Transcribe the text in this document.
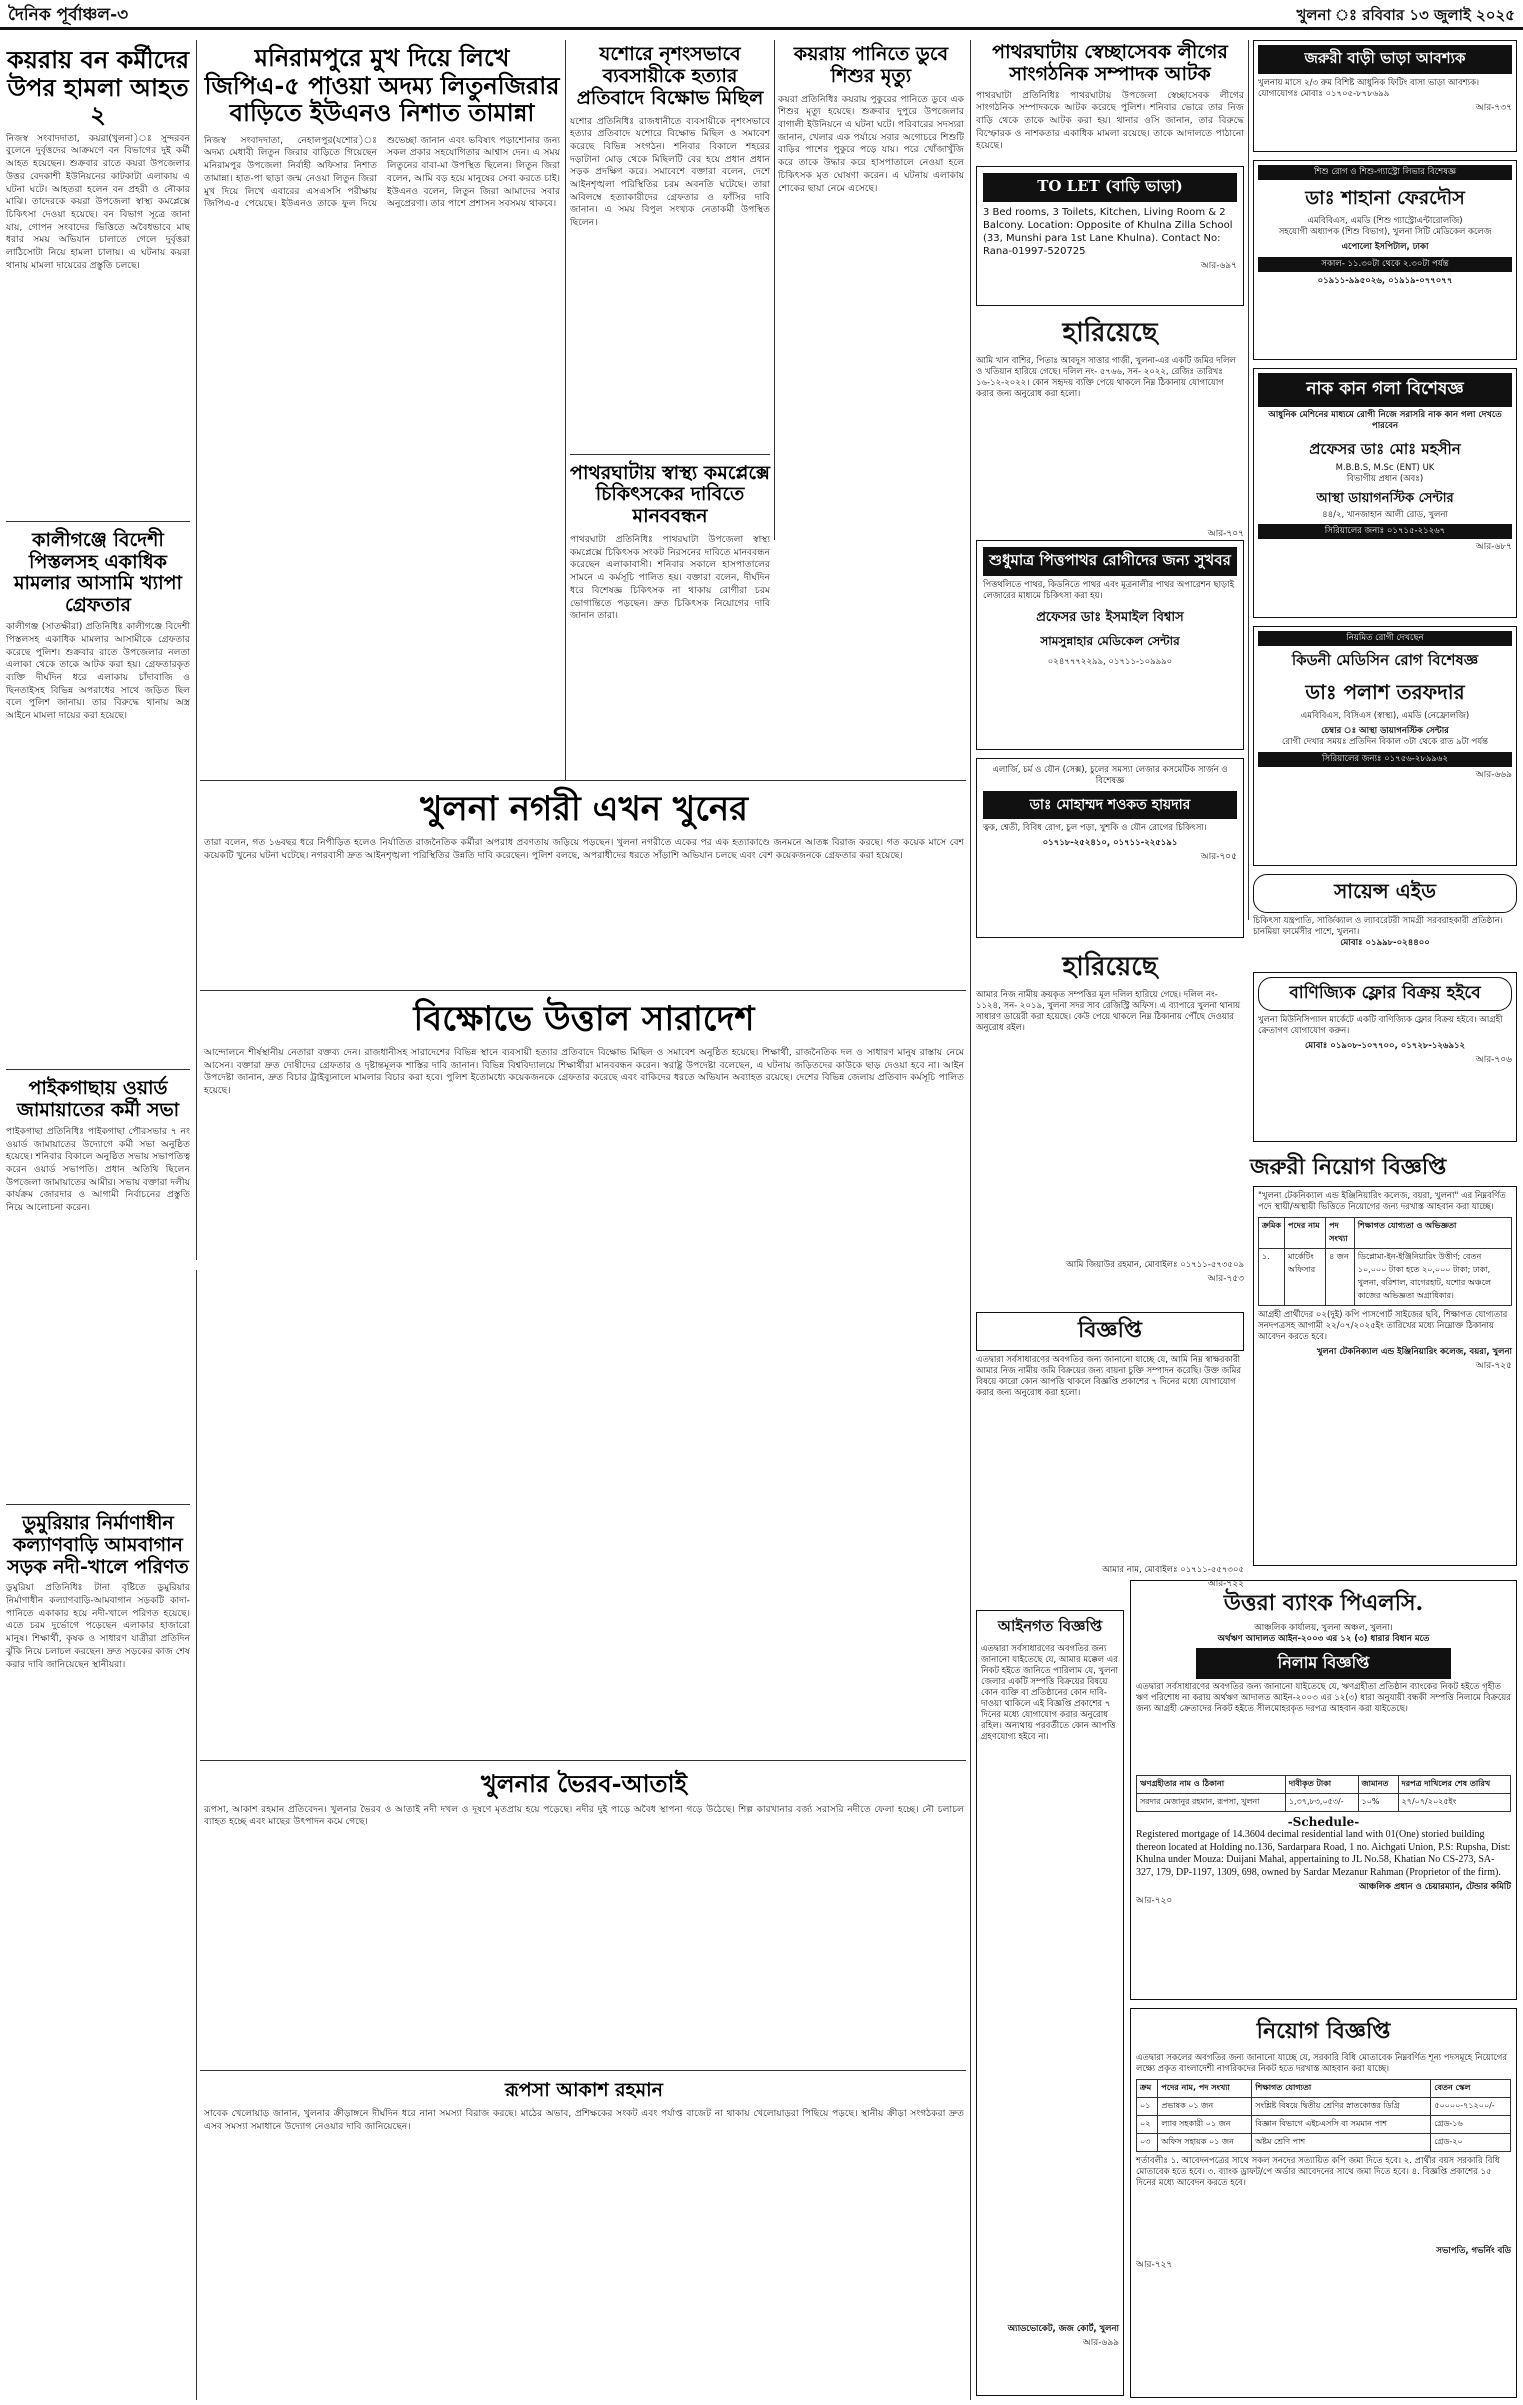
দৈনিক পূর্বাঞ্চল-৩	খুলনা ঃ রবিবার ১৩ জুলাই ২০২৫
কয়রায় বন কর্মীদের উপর হামলা আহত ২
নিজস্ব সংবাদদাতা, কয়রা(খুলনা)ঃ সুন্দরবন বুলেনে দুর্বৃত্তদের আক্রমণে বন বিভাগের দুই কর্মী আহত হয়েছেন। শুক্রবার রাতে কয়রা উপজেলার উত্তর বেদকাশী ইউনিয়নের কাটকাটা এলাকায় এ ঘটনা ঘটে। আহতরা হলেন বন প্রহরী ও নৌকার মাঝি। তাদেরকে কয়রা উপজেলা স্বাস্থ্য কমপ্লেক্সে চিকিৎসা দেওয়া হয়েছে। বন বিভাগ সূত্রে জানা যায়, গোপন সংবাদের ভিত্তিতে অবৈধভাবে মাছ ধরার সময় অভিযান চালাতে গেলে দুর্বৃত্তরা লাঠিসোটা নিয়ে হামলা চালায়। এ ঘটনায় কয়রা থানায় মামলা দায়েরের প্রস্তুতি চলছে।
কালীগঞ্জে বিদেশী পিস্তলসহ একাধিক মামলার আসামি খ্যাপা গ্রেফতার
কালীগঞ্জ (সাতক্ষীরা) প্রতিনিধিঃ কালীগঞ্জে বিদেশী পিস্তলসহ একাধিক মামলার আসামীকে গ্রেফতার করেছে পুলিশ। শুক্রবার রাতে উপজেলার নলতা এলাকা থেকে তাকে আটক করা হয়। গ্রেফতারকৃত ব্যক্তি দীর্ঘদিন ধরে এলাকায় চাঁদাবাজি ও ছিনতাইসহ বিভিন্ন অপরাধের সাথে জড়িত ছিল বলে পুলিশ জানায়। তার বিরুদ্ধে থানায় অস্ত্র আইনে মামলা দায়ের করা হয়েছে।
পাইকগাছায় ওয়ার্ড জামায়াতের কর্মী সভা
পাইকগাছা প্রতিনিধিঃ পাইকগাছা পৌরসভার ৭ নং ওয়ার্ড জামায়াতের উদ্যোগে কর্মী সভা অনুষ্ঠিত হয়েছে। শনিবার বিকালে অনুষ্ঠিত সভায় সভাপতিত্ব করেন ওয়ার্ড সভাপতি। প্রধান অতিথি ছিলেন উপজেলা জামায়াতের আমীর। সভায় বক্তারা দলীয় কার্যক্রম জোরদার ও আগামী নির্বাচনের প্রস্তুতি নিয়ে আলোচনা করেন।
ডুমুরিয়ার নির্মাণাধীন কল্যাণবাড়ি আমবাগান সড়ক নদী-খালে পরিণত
ডুমুরিয়া প্রতিনিধিঃ টানা বৃষ্টিতে ডুমুরিয়ার নির্মাণাধীন কল্যাণবাড়ি-আমবাগান সড়কটি কাদা-পানিতে একাকার হয়ে নদী-খালে পরিণত হয়েছে। এতে চরম দুর্ভোগে পড়েছেন এলাকার হাজারো মানুষ। শিক্ষার্থী, কৃষক ও সাধারণ যাত্রীরা প্রতিদিন ঝুঁকি নিয়ে চলাচল করছেন। দ্রুত সড়কের কাজ শেষ করার দাবি জানিয়েছেন স্থানীয়রা।
মনিরামপুরে মুখ দিয়ে লিখে জিপিএ-৫ পাওয়া অদম্য লিতুনজিরার বাড়িতে ইউএনও নিশাত তামান্না
নিজস্ব সংবাদদাতা, নেহালপুর(যশোর)ঃ অদম্য মেধাবী লিতুন জিরার বাড়িতে গিয়েছেন মনিরামপুর উপজেলা নির্বাহী অফিসার নিশাত তামান্না। হাত-পা ছাড়া জন্ম নেওয়া লিতুন জিরা মুখ দিয়ে লিখে এবারের এসএসসি পরীক্ষায় জিপিএ-৫ পেয়েছে। ইউএনও তাকে ফুল দিয়ে শুভেচ্ছা জানান এবং ভবিষ্যৎ পড়াশোনার জন্য সকল প্রকার সহযোগিতার আশ্বাস দেন। এ সময় লিতুনের বাবা-মা উপস্থিত ছিলেন। লিতুন জিরা বলেন, আমি বড় হয়ে মানুষের সেবা করতে চাই। ইউএনও বলেন, লিতুন জিরা আমাদের সবার অনুপ্রেরণা। তার পাশে প্রশাসন সবসময় থাকবে।
যশোরে নৃশংসভাবে ব্যবসায়ীকে হত্যার প্রতিবাদে বিক্ষোভ মিছিল
যশোর প্রতিনিধিঃ রাজধানীতে ব্যবসায়ীকে নৃশংসভাবে হত্যার প্রতিবাদে যশোরে বিক্ষোভ মিছিল ও সমাবেশ করেছে বিভিন্ন সংগঠন। শনিবার বিকালে শহরের দড়াটানা মোড় থেকে মিছিলটি বের হয়ে প্রধান প্রধান সড়ক প্রদক্ষিণ করে। সমাবেশে বক্তারা বলেন, দেশে আইনশৃঙ্খলা পরিস্থিতির চরম অবনতি ঘটেছে। তারা অবিলম্বে হত্যাকারীদের গ্রেফতার ও ফাঁসির দাবি জানান। এ সময় বিপুল সংখ্যক নেতাকর্মী উপস্থিত ছিলেন।
পাথরঘাটায় স্বাস্থ্য কমপ্লেক্সে চিকিৎসকের দাবিতে মানববন্ধন
পাথরঘাটা প্রতিনিধিঃ পাথরঘাটা উপজেলা স্বাস্থ্য কমপ্লেক্সে চিকিৎসক সংকট নিরসনের দাবিতে মানববন্ধন করেছেন এলাকাবাসী। শনিবার সকালে হাসপাতালের সামনে এ কর্মসূচি পালিত হয়। বক্তারা বলেন, দীর্ঘদিন ধরে বিশেষজ্ঞ চিকিৎসক না থাকায় রোগীরা চরম ভোগান্তিতে পড়ছেন। দ্রুত চিকিৎসক নিয়োগের দাবি জানান তারা।
কয়রায় পানিতে ডুবে শিশুর মৃত্যু
কয়রা প্রতিনিধিঃ কয়রায় পুকুরের পানিতে ডুবে এক শিশুর মৃত্যু হয়েছে। শুক্রবার দুপুরে উপজেলার বাগালী ইউনিয়নে এ ঘটনা ঘটে। পরিবারের সদস্যরা জানান, খেলার এক পর্যায়ে সবার অগোচরে শিশুটি বাড়ির পাশের পুকুরে পড়ে যায়। পরে খোঁজাখুঁজি করে তাকে উদ্ধার করে হাসপাতালে নেওয়া হলে চিকিৎসক মৃত ঘোষণা করেন। এ ঘটনায় এলাকায় শোকের ছায়া নেমে এসেছে।
খুলনা নগরী এখন খুনের
তারা বলেন, গত ১৬বছর ধরে নিপীড়িত হলেও নির্যাতিত রাজনৈতিক কর্মীরা অপরাধ প্রবণতায় জড়িয়ে পড়ছেন। খুলনা নগরীতে একের পর এক হত্যাকাণ্ডে জনমনে আতঙ্ক বিরাজ করছে। গত কয়েক মাসে বেশ কয়েকটি খুনের ঘটনা ঘটেছে। নগরবাসী দ্রুত আইনশৃঙ্খলা পরিস্থিতির উন্নতি দাবি করেছেন। পুলিশ বলছে, অপরাধীদের ধরতে সাঁড়াশি অভিযান চলছে এবং বেশ কয়েকজনকে গ্রেফতার করা হয়েছে।
বিক্ষোভে উত্তাল সারাদেশ
আন্দোলনে শীর্ষস্থানীয় নেতারা বক্তব্য দেন। রাজধানীসহ সারাদেশের বিভিন্ন স্থানে ব্যবসায়ী হত্যার প্রতিবাদে বিক্ষোভ মিছিল ও সমাবেশ অনুষ্ঠিত হয়েছে। শিক্ষার্থী, রাজনৈতিক দল ও সাধারণ মানুষ রাস্তায় নেমে আসেন। বক্তারা দ্রুত দোষীদের গ্রেফতার ও দৃষ্টান্তমূলক শাস্তির দাবি জানান। বিভিন্ন বিশ্ববিদ্যালয়ে শিক্ষার্থীরা মানববন্ধন করেন। স্বরাষ্ট্র উপদেষ্টা বলেছেন, এ ঘটনায় জড়িতদের কাউকে ছাড় দেওয়া হবে না। আইন উপদেষ্টা জানান, দ্রুত বিচার ট্রাইব্যুনালে মামলার বিচার করা হবে। পুলিশ ইতোমধ্যে কয়েকজনকে গ্রেফতার করেছে এবং বাকিদের ধরতে অভিযান অব্যাহত রয়েছে। দেশের বিভিন্ন জেলায় প্রতিবাদ কর্মসূচি পালিত হয়েছে।
খুলনার ভৈরব-আতাই
রূপসা, আকাশ রহমান প্রতিবেদন। খুলনার ভৈরব ও আতাই নদী দখল ও দূষণে মৃতপ্রায় হয়ে পড়েছে। নদীর দুই পাড়ে অবৈধ স্থাপনা গড়ে উঠেছে। শিল্প কারখানার বর্জ্য সরাসরি নদীতে ফেলা হচ্ছে। নৌ চলাচল ব্যাহত হচ্ছে এবং মাছের উৎপাদন কমে গেছে।
রূপসা আকাশ রহমান
সাবেক খেলোয়াড় জানান, খুলনার ক্রীড়াঙ্গনে দীর্ঘদিন ধরে নানা সমস্যা বিরাজ করছে। মাঠের অভাব, প্রশিক্ষকের সংকট এবং পর্যাপ্ত বাজেট না থাকায় খেলোয়াড়রা পিছিয়ে পড়ছে। স্থানীয় ক্রীড়া সংগঠকরা দ্রুত এসব সমস্যা সমাধানে উদ্যোগ নেওয়ার দাবি জানিয়েছেন।
পাথরঘাটায় স্বেচ্ছাসেবক লীগের সাংগঠনিক সম্পাদক আটক
পাথরঘাটা প্রতিনিধিঃ পাথরঘাটায় উপজেলা স্বেচ্ছাসেবক লীগের সাংগঠনিক সম্পাদককে আটক করেছে পুলিশ। শনিবার ভোরে তার নিজ বাড়ি থেকে তাকে আটক করা হয়। থানার ওসি জানান, তার বিরুদ্ধে বিস্ফোরক ও নাশকতার একাধিক মামলা রয়েছে। তাকে আদালতে পাঠানো হয়েছে।
TO LET (বাড়ি ভাড়া)
3 Bed rooms, 3 Toilets, Kitchen, Living Room & 2 Balcony. Location: Opposite of Khulna Zilla School (33, Munshi para 1st Lane Khulna). Contact No: Rana-01997-520725
আর-৬৯৭
হারিয়েছে
আমি খান বাশির, পিতাঃ আবদুস সাত্তার গাজী, খুলনা-এর একটি জমির দলিল ও খতিয়ান হারিয়ে গেছে। দলিল নং- ৫৭৬৬, সন- ২০২২, রেজিঃ তারিখঃ ১৬-১২-২০২২। কোন সহৃদয় ব্যক্তি পেয়ে থাকলে নিম্ন ঠিকানায় যোগাযোগ করার জন্য অনুরোধ করা হলো।
আর-৭০৭
শুধুমাত্র পিত্তপাথর রোগীদের জন্য সুখবর
পিত্তথলিতে পাথর, কিডনিতে পাথর এবং মূত্রনালীর পাথর অপারেশন ছাড়াই লেজারের মাধ্যমে চিকিৎসা করা হয়।
প্রফেসর ডাঃ ইসমাইল বিশ্বাস
সামসুন্নাহার মেডিকেল সেন্টার
০২৪৭৭৭২২৯৯, ০১৭১১-১০৯৯৯০
এলার্জি, চর্ম ও যৌন (সেক্স), চুলের সমস্যা লেজার কসমেটিক সার্জন ও বিশেষজ্ঞ
ডাঃ মোহাম্মদ শওকত হায়দার
ত্বক, শ্বেতী, বিবিধ রোগ, চুল পড়া, খুশকি ও যৌন রোগের চিকিৎসা।
০১৭১৮-২৫২৪১০, ০১৭১১-২২৫১৯১
আর-৭০৫
হারিয়েছে
আমার নিজ নামীয় ক্রয়কৃত সম্পত্তির মূল দলিল হারিয়ে গেছে। দলিল নং- ১১২৪, সন- ২০১৯, খুলনা সদর সাব রেজিস্ট্রি অফিস। এ ব্যাপারে খুলনা থানায় সাধারণ ডায়েরী করা হয়েছে। কেউ পেয়ে থাকলে নিম্ন ঠিকানায় পৌঁছে দেওয়ার অনুরোধ রইল।
আমি জিয়াউর রহমান, মোবাইলঃ ০১৭১১-৫৭৩৫০৯
আর-৭৫৩
বিজ্ঞপ্তি
এতদ্বারা সর্বসাধারণের অবগতির জন্য জানানো যাচ্ছে যে, আমি নিম্ন স্বাক্ষরকারী আমার নিজ নামীয় জমি বিক্রয়ের জন্য বায়না চুক্তি সম্পাদন করেছি। উক্ত জমির বিষয়ে কারো কোন আপত্তি থাকলে বিজ্ঞপ্তি প্রকাশের ৭ দিনের মধ্যে যোগাযোগ করার জন্য অনুরোধ করা হলো।
আমার নাম, মোবাইলঃ ০১৭১১-৫৫৭৩০৫
আর-৭২২
জরুরী বাড়ী ভাড়া আবশ্যক
খুলনায় মাসে ২/৩ রুম বিশিষ্ট আধুনিক ফিটিং বাসা ভাড়া আবশ্যক। যোগাযোগঃ মোবাঃ ০১৭০৫-৮৭৮৬৯৯
আর-৭৩৭
শিশু রোগ ও শিশু-গ্যাস্ট্রো লিভার বিশেষজ্ঞ
ডাঃ শাহানা ফেরদৌস
এমবিবিএস, এমডি (শিশু গ্যাস্ট্রোএন্টারোলজি)
সহযোগী অধ্যাপক (শিশু বিভাগ), খুলনা সিটি মেডিকেল কলেজ
এপোলো ইসপিটাল, ঢাকা
সকাল- ১১.৩০টা থেকে ২.৩০টা পর্যন্ত
০১৯১১-৯৯৫০২৬, ০১৯১৯-০৭৭০৭৭
নাক কান গলা বিশেষজ্ঞ
আধুনিক মেশিনের মাধ্যমে রোগী নিজে সরাসরি নাক কান গলা দেখতে পারবেন
প্রফেসর ডাঃ মোঃ মহসীন
M.B.B.S, M.Sc (ENT) UK
বিভাগীয় প্রধান (অবঃ)
আস্থা ডায়াগনস্টিক সেন্টার
৪৪/২, খানজাহান আলী রোড, খুলনা
সিরিয়ালের জন্যঃ ০১৭১৫-২১২৬৭
আর-৬৮৭
নিয়মিত রোগী দেখছেন
কিডনী মেডিসিন রোগ বিশেষজ্ঞ
ডাঃ পলাশ তরফদার
এমবিবিএস, বিসিএস (স্বাস্থ্য), এমডি (নেফ্রোলজি)
চেম্বার ঃ আস্থা ডায়াগনস্টিক সেন্টার
রোগী দেখার সময়ঃ প্রতিদিন বিকাল ৩টা থেকে রাত ৯টা পর্যন্ত
সিরিয়ালের জন্যঃ ০১৭৫৬-২৮৯৯৬২
আর-৬৬৯
সায়েন্স এইড
চিকিৎসা যন্ত্রপাতি, সার্জিক্যাল ও ল্যাবরেটরী সামগ্রী সরবরাহকারী প্রতিষ্ঠান। চানমিয়া ফার্মেসীর পাশে, খুলনা।
মোবাঃ ০১৯৯৮-০২৪৪০০
বাণিজ্যিক ফ্লোর বিক্রয় হইবে
খুলনা মিউনিসিপ্যাল মার্কেটে একটি বাণিজ্যিক ফ্লোর বিক্রয় হইবে। আগ্রহী ক্রেতাগণ যোগাযোগ করুন।
মোবাঃ ০১৯০৮-১০৭৭০০, ০১৭২৮-১২৬৯১২
আর-৭০৬
জরুরী নিয়োগ বিজ্ঞপ্তি
"খুলনা টেকনিক্যাল এন্ড ইঞ্জিনিয়ারিং কলেজ, বয়রা, খুলনা" এর নিম্নবর্ণিত পদে স্থায়ী/অস্থায়ী ভিত্তিতে নিয়োগের জন্য দরখাস্ত আহবান করা যাচ্ছে।
ক্রমিক	পদের নাম	পদ সংখ্যা	শিক্ষাগত যোগ্যতা ও অভিজ্ঞতা
১.	মার্কেটিং অফিসার	৪ জন	ডিপ্লোমা-ইন-ইঞ্জিনিয়ারিং উত্তীর্ণ; বেতন ১০,০০০ টাকা হতে ২০,০০০ টাকা; ঢাকা, খুলনা, বরিশাল, বাগেরহাট, যশোর অঞ্চলে কাজের অভিজ্ঞতা অগ্রাধিকার।
আগ্রহী প্রার্থীদের ০২(দুই) কপি পাসপোর্ট সাইজের ছবি, শিক্ষাগত যোগ্যতার সনদপত্রসহ আগামী ২২/০৭/২০২৫ইং তারিখের মধ্যে নিম্নোক্ত ঠিকানায় আবেদন করতে হবে।
খুলনা টেকনিক্যাল এন্ড ইঞ্জিনিয়ারিং কলেজ, বয়রা, খুলনা
আর-৭২৫
উত্তরা ব্যাংক পিএলসি.
আঞ্চলিক কার্যালয়, খুলনা অঞ্চল, খুলনা।
অর্থঋণ আদালত আইন-২০০৩ এর ১২ (৩) ধারার বিধান মতে
নিলাম বিজ্ঞপ্তি
এতদ্বারা সর্বসাধারণের অবগতির জন্য জানানো যাইতেছে যে, ঋণগ্রহীতা প্রতিষ্ঠান ব্যাংকের নিকট হইতে গৃহীত ঋণ পরিশোধ না করায় অর্থঋণ আদালত আইন-২০০৩ এর ১২(৩) ধারা অনুযায়ী বন্ধকী সম্পত্তি নিলামে বিক্রয়ের জন্য আগ্রহী ক্রেতাদের নিকট হইতে সীলমোহরকৃত দরপত্র আহবান করা যাইতেছে।
ঋণগ্রহীতার নাম ও ঠিকানা	দাবীকৃত টাকা	জামানত	দরপত্র দাখিলের শেষ তারিখ
সরদার মেজানুর রহমান, রূপসা, খুলনা	১,৩৭,৮৩,০৫৩/-	১০%	২৭/০৭/২০২৫ইং
-Schedule-
Registered mortgage of 14.3604 decimal residential land with 01(One) storied building thereon located at Holding no.136, Sardarpara Road, 1 no. Aichgati Union, P.S: Rupsha, Dist: Khulna under Mouza: Duijani Mahal, appertaining to JL No.58, Khatian No CS-273, SA-327, 179, DP-1197, 1309, 698, owned by Sardar Mezanur Rahman (Proprietor of the firm).
আঞ্চলিক প্রধান ও চেয়ারম্যান, টেন্ডার কমিটি
আর-৭২০
নিয়োগ বিজ্ঞপ্তি
এতদ্বারা সকলের অবগতির জন্য জানানো যাচ্ছে যে, সরকারি বিধি মোতাবেক নিম্নবর্ণিত শূন্য পদসমূহে নিয়োগের লক্ষ্যে প্রকৃত বাংলাদেশী নাগরিকদের নিকট হতে দরখাস্ত আহবান করা যাচ্ছে।
ক্রম	পদের নাম, পদ সংখ্যা	শিক্ষাগত যোগ্যতা	বেতন স্কেল
০১	প্রভাষক ০১ জন	সংশ্লিষ্ট বিষয়ে দ্বিতীয় শ্রেণির স্নাতকোত্তর ডিগ্রি	৫০০০০-৭১২০০/-
০২	ল্যাব সহকারী ০১ জন	বিজ্ঞান বিভাগে এইচএসসি বা সমমান পাশ	গ্রেড-১৬
০৩	অফিস সহায়ক ০১ জন	অষ্টম শ্রেণি পাশ	গ্রেড-২০
শর্তাবলীঃ ১. আবেদনপত্রের সাথে সকল সনদের সত্যায়িত কপি জমা দিতে হবে। ২. প্রার্থীর বয়স সরকারি বিধি মোতাবেক হতে হবে। ৩. ব্যাংক ড্রাফট/পে অর্ডার আবেদনের সাথে জমা দিতে হবে। ৪. বিজ্ঞপ্তি প্রকাশের ১৫ দিনের মধ্যে আবেদন করতে হবে।
সভাপতি, গভর্নিং বডি
আর-৭২৭
আইনগত বিজ্ঞপ্তি
এতদ্বারা সর্বসাধারণের অবগতির জন্য জানানো যাইতেছে যে, আমার মক্কেল এর নিকট হইতে জানিতে পারিলাম যে, খুলনা জেলার একটি সম্পত্তি বিক্রয়ের বিষয়ে কোন ব্যক্তি বা প্রতিষ্ঠানের কোন দাবি-দাওয়া থাকিলে এই বিজ্ঞপ্তি প্রকাশের ৭ দিনের মধ্যে যোগাযোগ করার অনুরোধ রহিল। অন্যথায় পরবর্তীতে কোন আপত্তি গ্রহণযোগ্য হইবে না।
অ্যাডভোকেট, জজ কোর্ট, খুলনা
আর-৬৯৯
